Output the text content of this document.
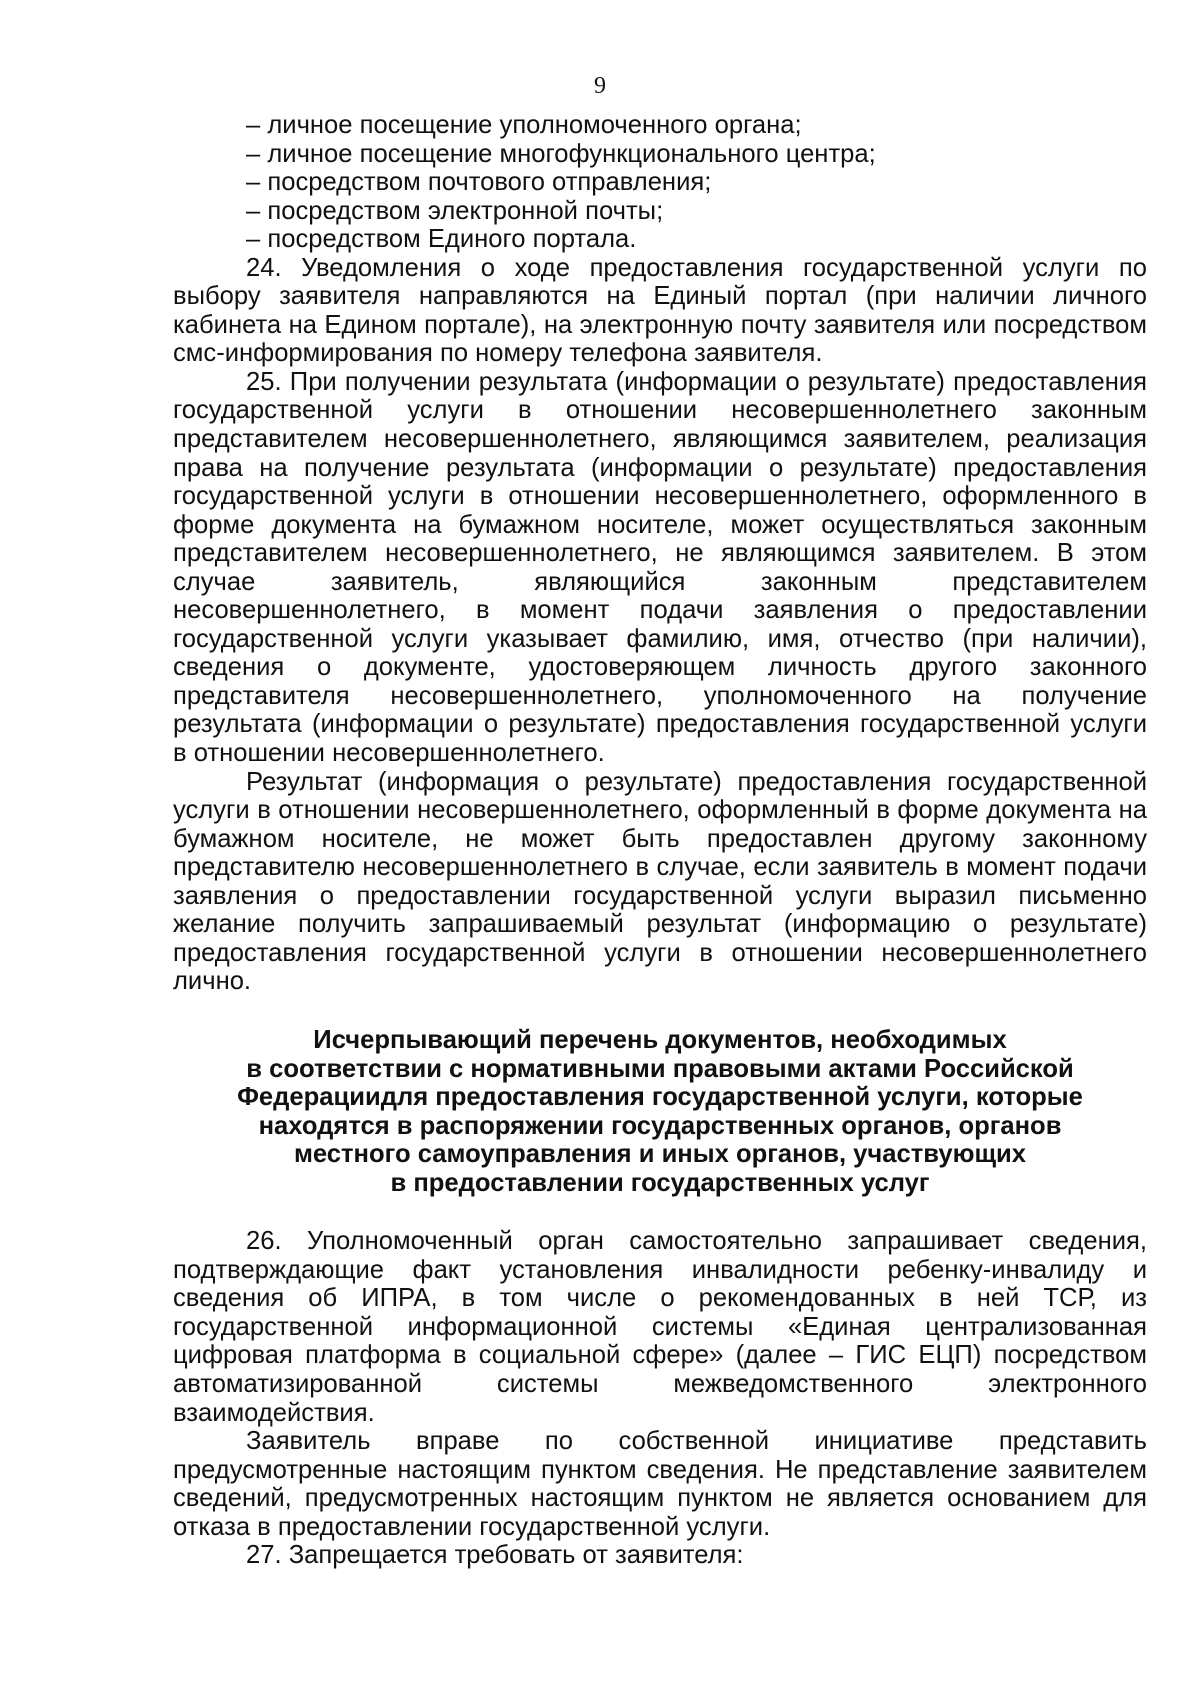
9

– личное посещение уполномоченного органа;

– личное посещение многофункционального центра;

– посредством почтового отправления;

– посредством электронной почты;

– посредством Единого портала.

24. Уведомления о ходе предоставления государственной услуги по выбору заявителя направляются на Единый портал (при наличии личного кабинета на Едином портале), на электронную почту заявителя или посредством смс-информирования по номеру телефона заявителя.

25. При получении результата (информации о результате) предоставления государственной услуги в отношении несовершеннолетнего законным представителем несовершеннолетнего, являющимся заявителем, реализация права на получение результата (информации о результате) предоставления государственной услуги в отношении несовершеннолетнего, оформленного в форме документа на бумажном носителе, может осуществляться законным представителем несовершеннолетнего, не являющимся заявителем. В этом случае заявитель, являющийся законным представителем несовершеннолетнего, в момент подачи заявления о предоставлении государственной услуги указывает фамилию, имя, отчество (при наличии), сведения о документе, удостоверяющем личность другого законного представителя несовершеннолетнего, уполномоченного на получение результата (информации о результате) предоставления государственной услуги в отношении несовершеннолетнего.

Результат (информация о результате) предоставления государственной услуги в отношении несовершеннолетнего, оформленный в форме документа на бумажном носителе, не может быть предоставлен другому законному представителю несовершеннолетнего в случае, если заявитель в момент подачи заявления о предоставлении государственной услуги выразил письменно желание получить запрашиваемый результат (информацию о результате) предоставления государственной услуги в отношении несовершеннолетнего лично.

Исчерпывающий перечень документов, необходимых
в соответствии с нормативными правовыми актами Российской
Федерациидля предоставления государственной услуги, которые
находятся в распоряжении государственных органов, органов
местного самоуправления и иных органов, участвующих
в предоставлении государственных услуг

26. Уполномоченный орган самостоятельно запрашивает сведения, подтверждающие факт установления инвалидности ребенку-инвалиду и сведения об ИПРА, в том числе о рекомендованных в ней ТСР, из государственной информационной системы «Единая централизованная цифровая платформа в социальной сфере» (далее – ГИС ЕЦП) посредством автоматизированной системы межведомственного электронного взаимодействия.

Заявитель вправе по собственной инициативе представить предусмотренные настоящим пунктом сведения. Не представление заявителем сведений, предусмотренных настоящим пунктом не является основанием для отказа в предоставлении государственной услуги.

27. Запрещается требовать от заявителя:
